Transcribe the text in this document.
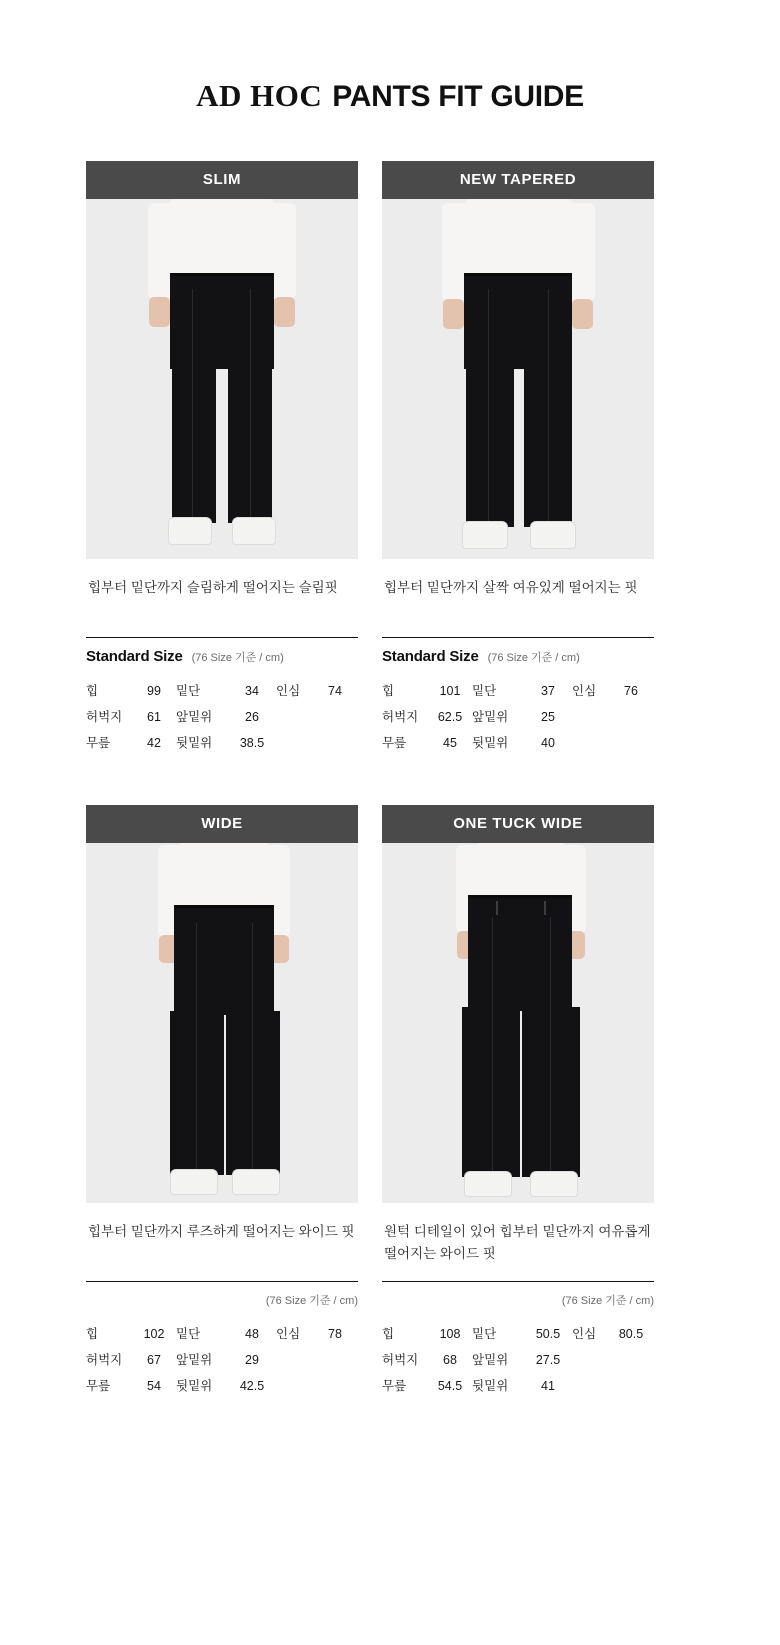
AD HOC PANTS FIT GUIDE
SLIM
힙부터 밑단까지 슬림하게 떨어지는 슬림핏
Standard Size (76 Size 기준 / cm)
힙	99	밑단	34	인심	74
허벅지	61	앞밑위	26		
무릎	42	뒷밑위	38.5		
NEW TAPERED
힙부터 밑단까지 살짝 여유있게 떨어지는 핏
Standard Size (76 Size 기준 / cm)
힙	101	밑단	37	인심	76
허벅지	62.5	앞밑위	25		
무릎	45	뒷밑위	40		
WIDE
힙부터 밑단까지 루즈하게 떨어지는 와이드 핏
(76 Size 기준 / cm)
힙	102	밑단	48	인심	78
허벅지	67	앞밑위	29		
무릎	54	뒷밑위	42.5		
ONE TUCK WIDE
원턱 디테일이 있어 힙부터 밑단까지 여유롭게 떨어지는 와이드 핏
(76 Size 기준 / cm)
힙	108	밑단	50.5	인심	80.5
허벅지	68	앞밑위	27.5		
무릎	54.5	뒷밑위	41		
